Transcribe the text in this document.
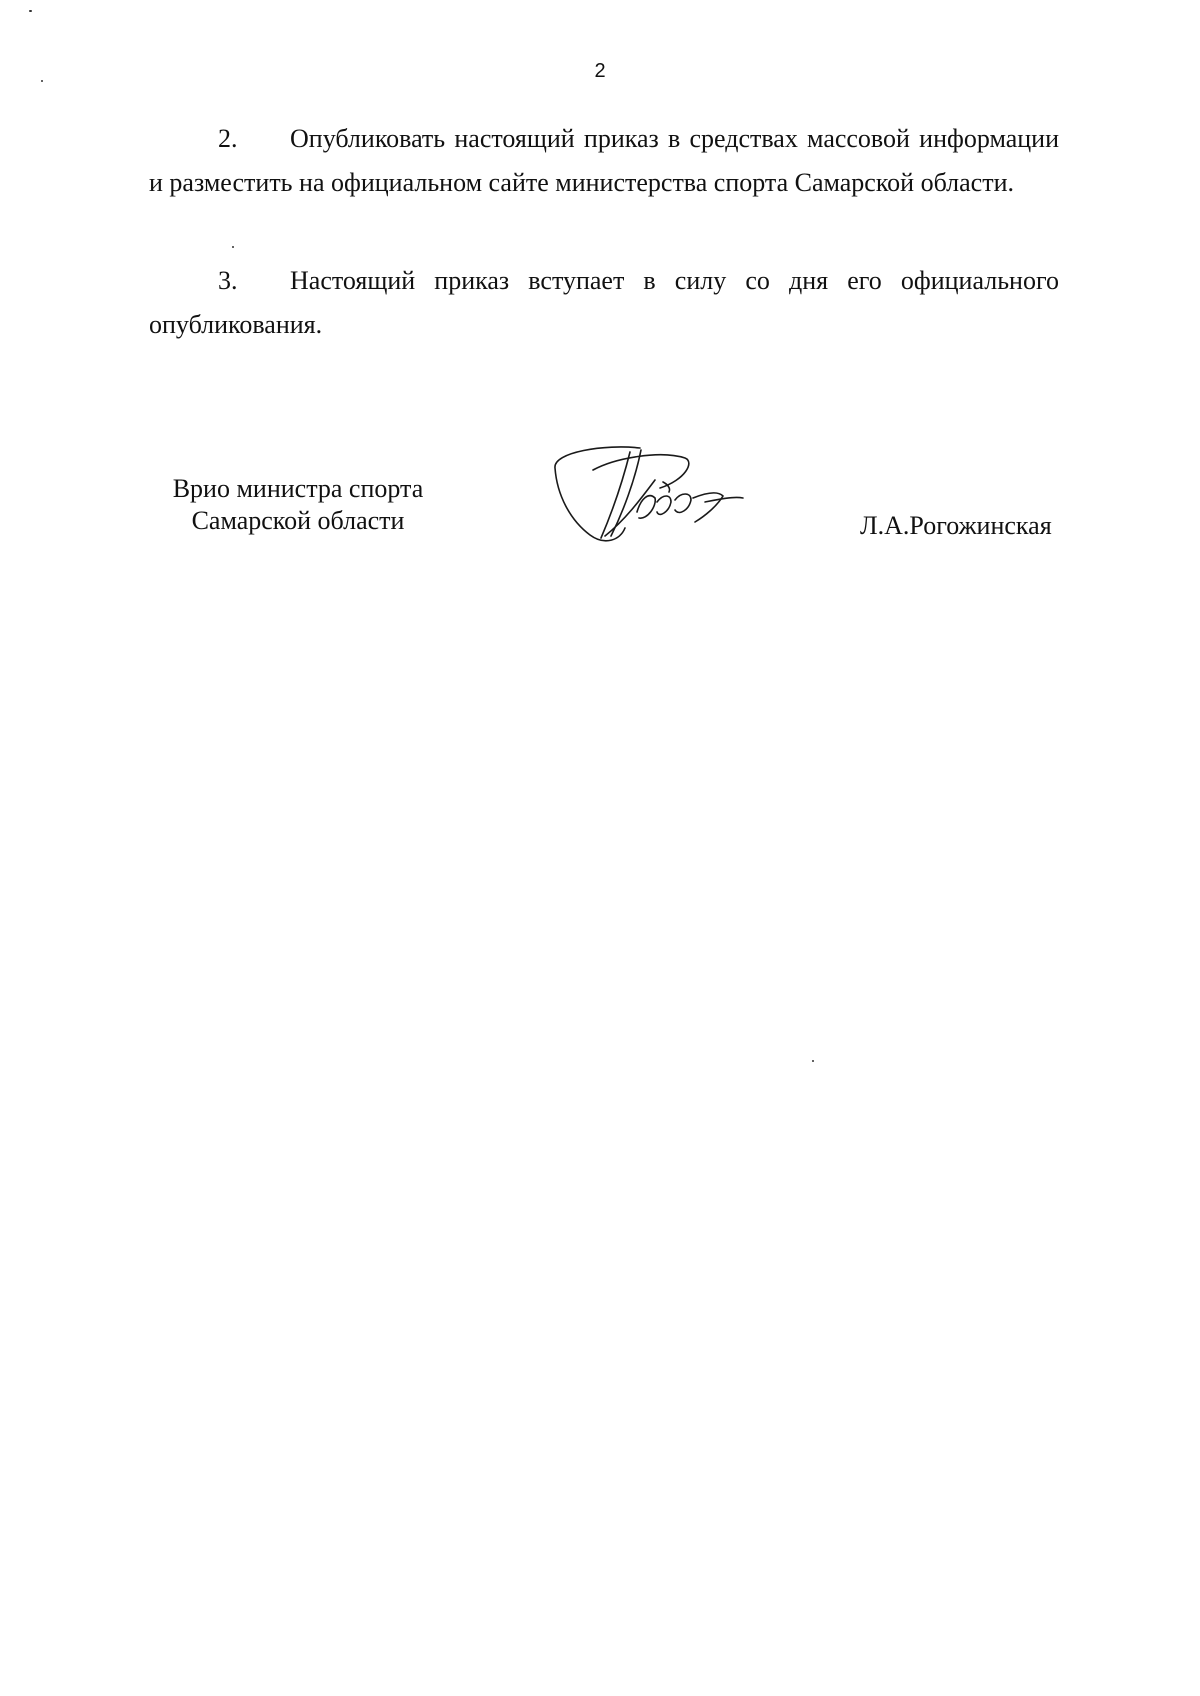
2

2. Опубликовать настоящий приказ в средствах массовой информации и разместить на официальном сайте министерства спорта Самарской области.

3. Настоящий приказ вступает в силу со дня его официального опубликования.

Врио министра спорта
Самарской области	Л.А.Рогожинская
